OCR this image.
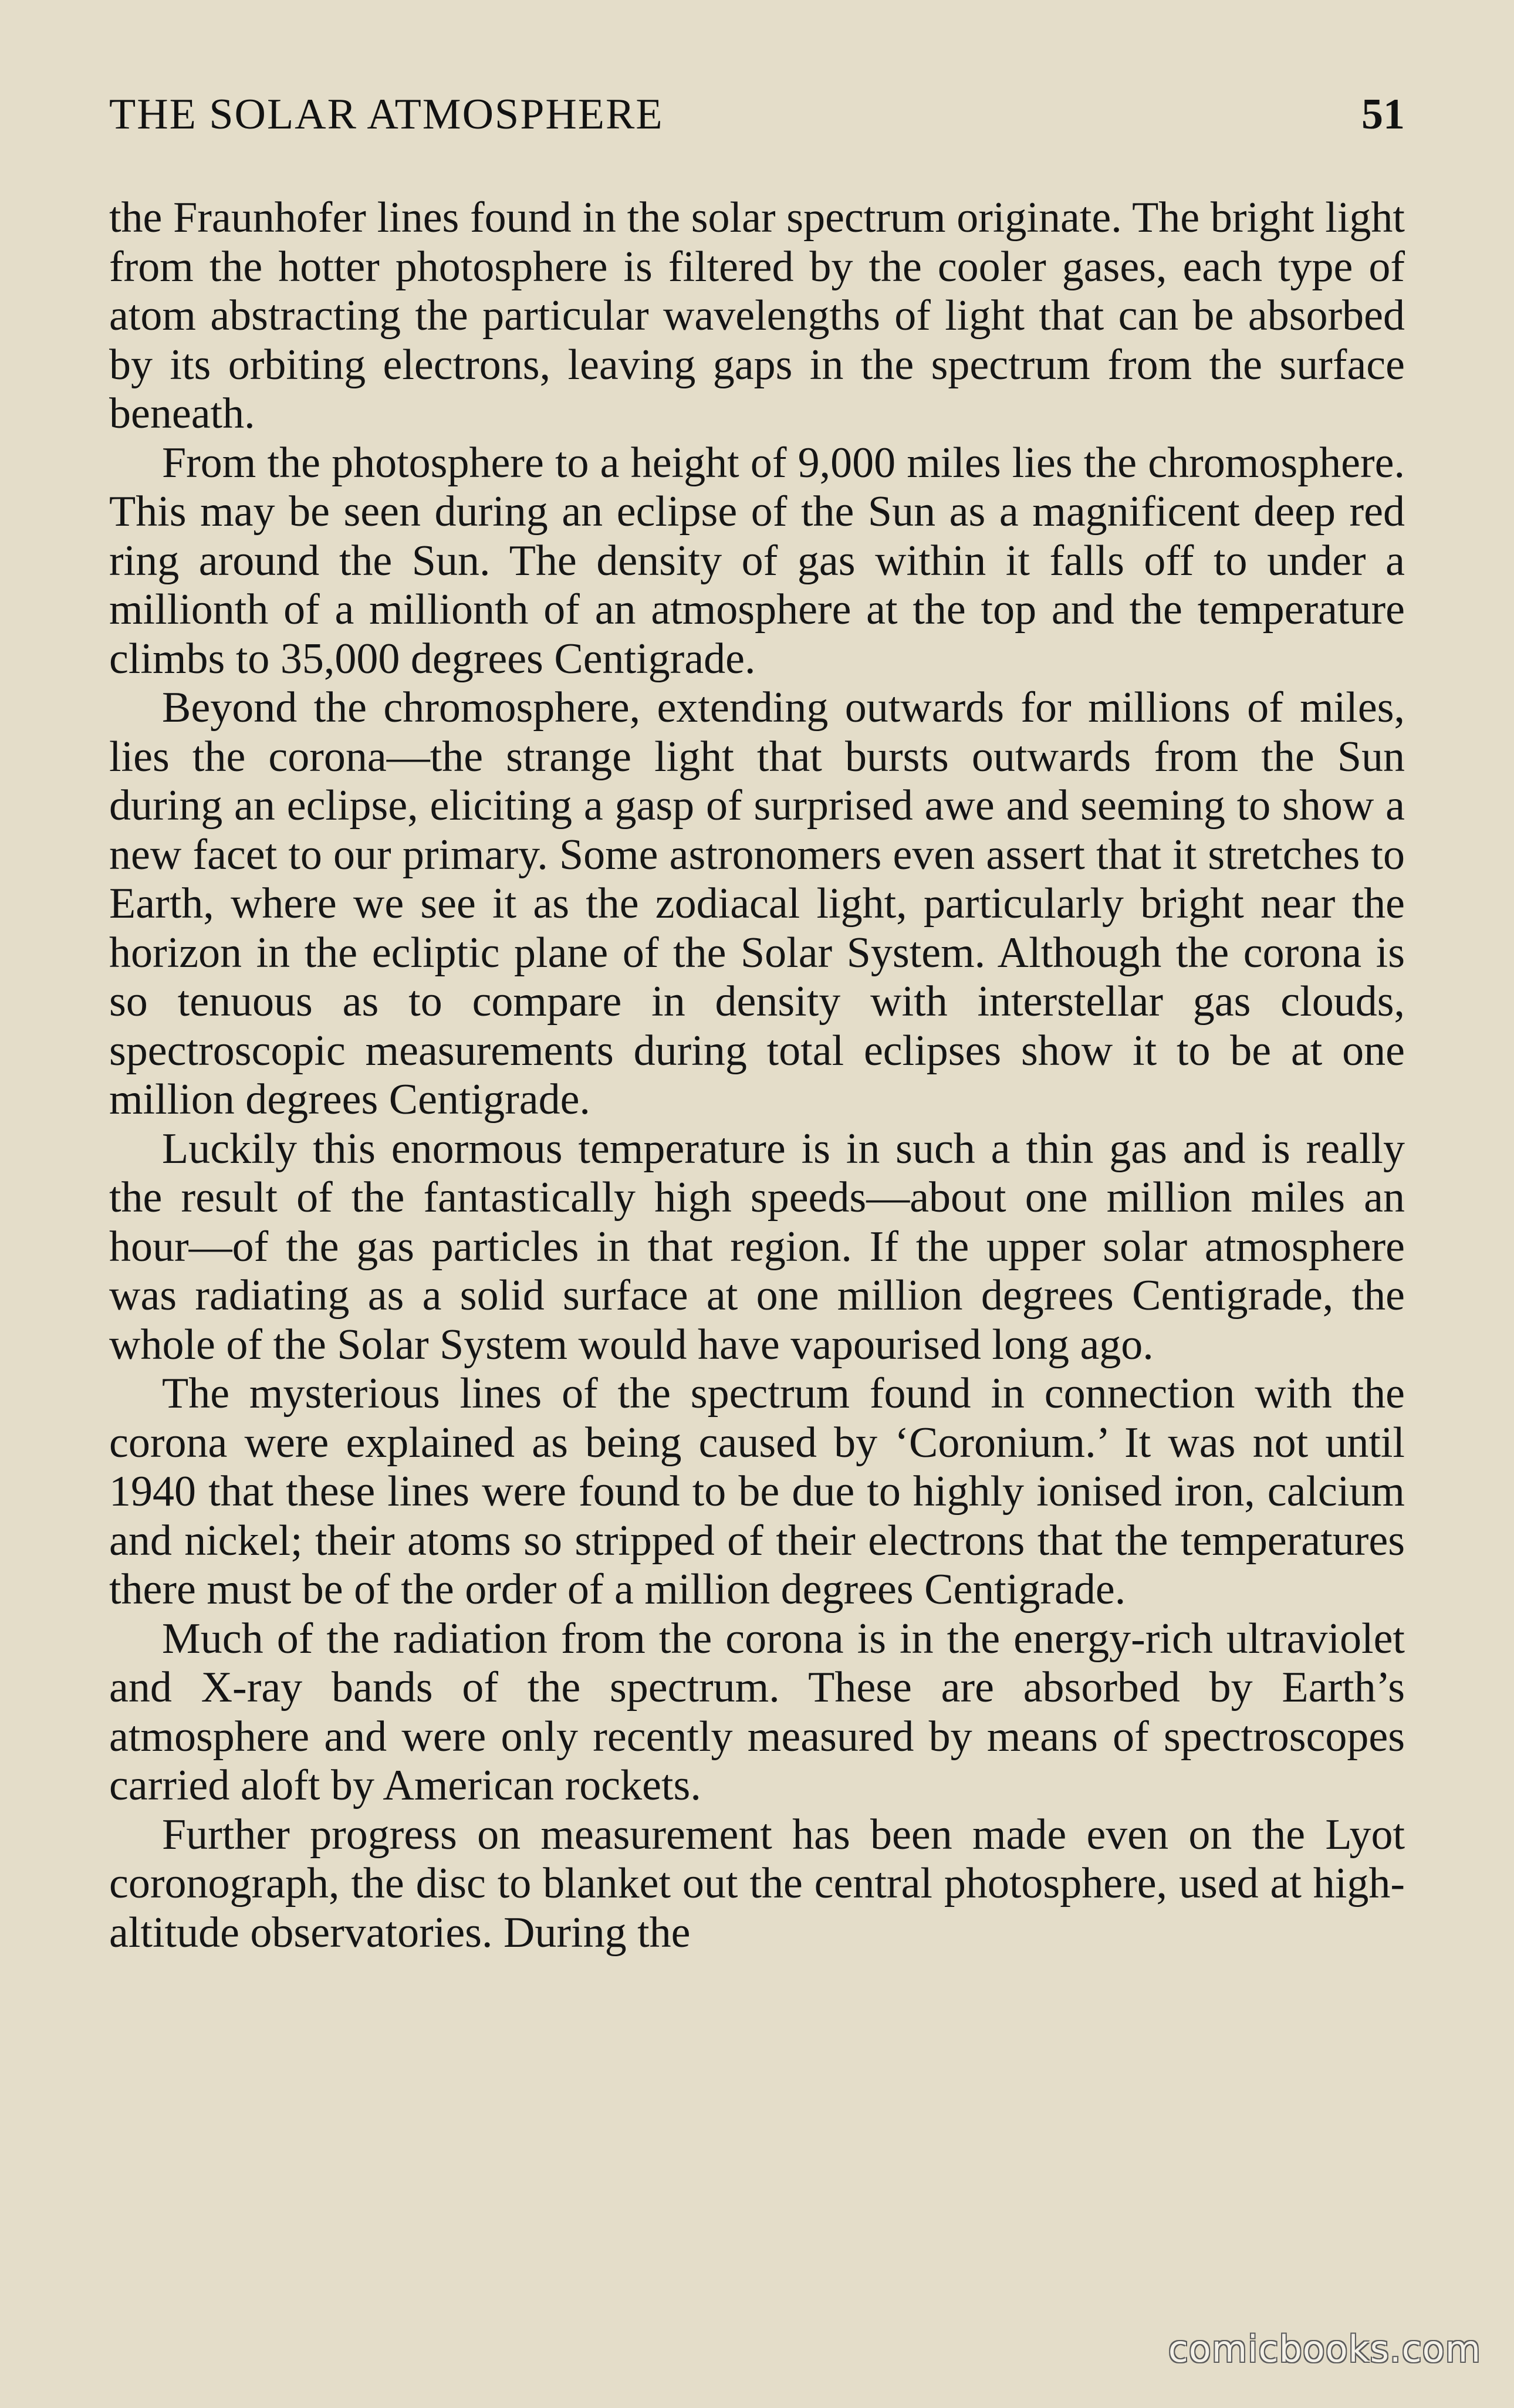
THE SOLAR ATMOSPHERE	51

the Fraunhofer lines found in the solar spectrum originate. The bright light from the hotter photosphere is filtered by the cooler gases, each type of atom abstracting the particular wavelengths of light that can be absorbed by its orbiting electrons, leaving gaps in the spectrum from the surface beneath.

From the photosphere to a height of 9,000 miles lies the chromosphere. This may be seen during an eclipse of the Sun as a magnificent deep red ring around the Sun. The density of gas within it falls off to under a millionth of a millionth of an atmosphere at the top and the temperature climbs to 35,000 degrees Centigrade.

Beyond the chromosphere, extending outwards for millions of miles, lies the corona—the strange light that bursts outwards from the Sun during an eclipse, eliciting a gasp of surprised awe and seeming to show a new facet to our primary. Some astronomers even assert that it stretches to Earth, where we see it as the zodiacal light, particularly bright near the horizon in the ecliptic plane of the Solar System. Although the corona is so tenuous as to compare in density with interstellar gas clouds, spectroscopic measurements during total eclipses show it to be at one million degrees Centigrade.

Luckily this enormous temperature is in such a thin gas and is really the result of the fantastically high speeds—about one million miles an hour—of the gas particles in that region. If the upper solar atmosphere was radiating as a solid surface at one million degrees Centigrade, the whole of the Solar System would have vapourised long ago.

The mysterious lines of the spectrum found in connection with the corona were explained as being caused by ‘Coronium.’ It was not until 1940 that these lines were found to be due to highly ionised iron, calcium and nickel; their atoms so stripped of their electrons that the temperatures there must be of the order of a million degrees Centigrade.

Much of the radiation from the corona is in the energy-rich ultraviolet and X-ray bands of the spectrum. These are absorbed by Earth’s atmosphere and were only recently measured by means of spectroscopes carried aloft by American rockets.

Further progress on measurement has been made even on the Lyot coronograph, the disc to blanket out the central photosphere, used at high-altitude observatories. During the

comicbooks.com
